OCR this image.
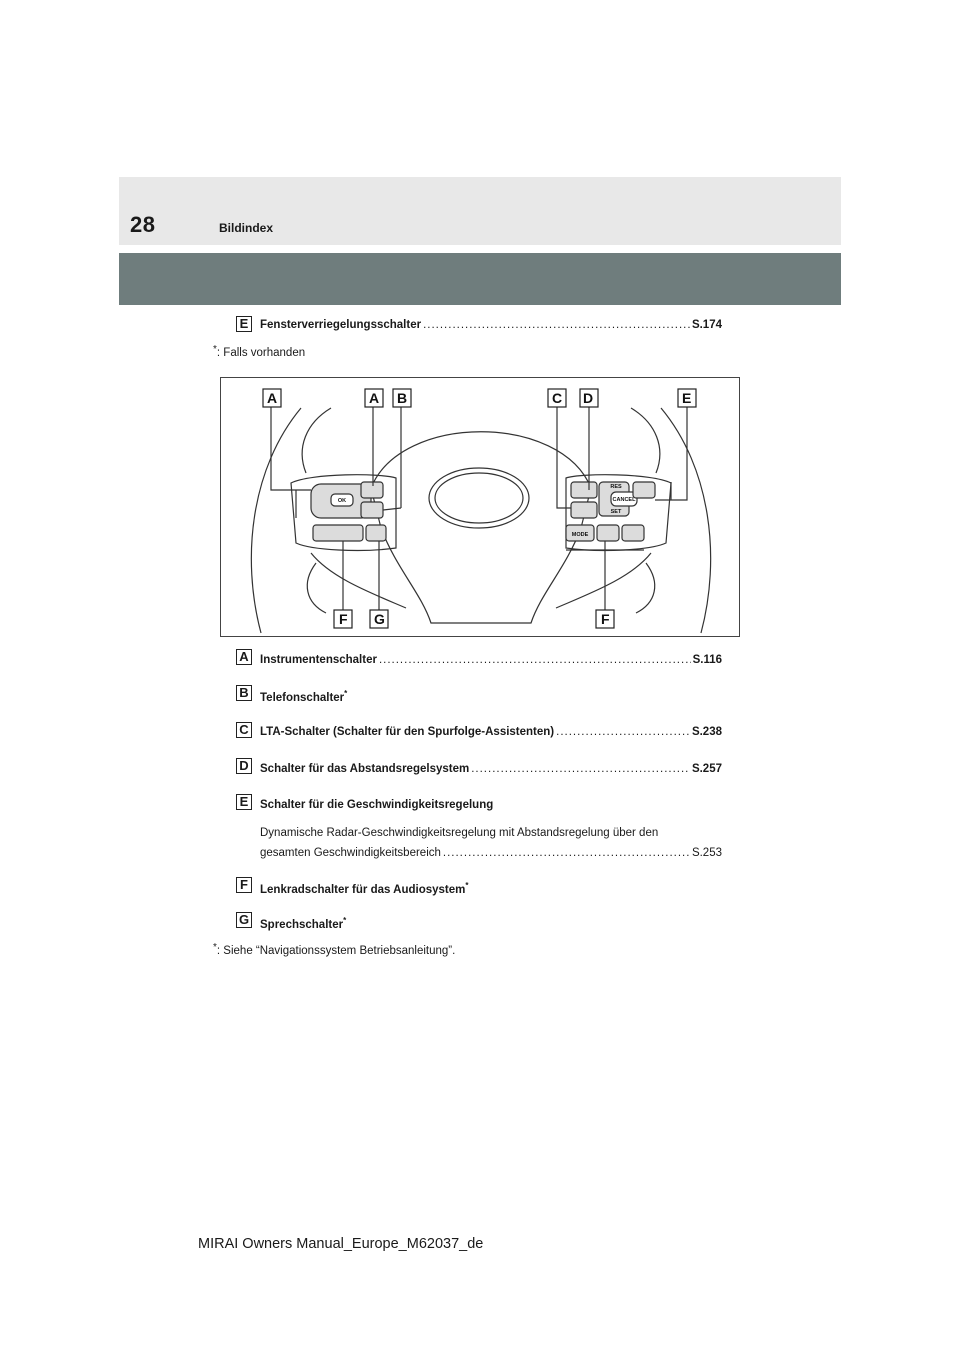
28	Bildindex
E	Fensterverriegelungsschalter .....	S.174
*: Falls vorhanden
OK
RES
SET
CANCEL
MODE
A	A B	C D	E
F G	F
A Instrumentenschalter .....	S.116
B Telefonschalter*
C LTA-Schalter (Schalter für den Spurfolge-Assistenten) .....	S.238
D Schalter für das Abstandsregelsystem .....	S.257
E	Schalter für die Geschwindigkeitsregelung
Dynamische Radar-Geschwindigkeitsregelung mit Abstandsregelung über den
gesamten Geschwindigkeitsbereich .....	S.253
F	Lenkradschalter für das Audiosystem*
G Sprechschalter*
*: Siehe “Navigationssystem Betriebsanleitung”.
MIRAI Owners Manual_Europe_M62037_de
